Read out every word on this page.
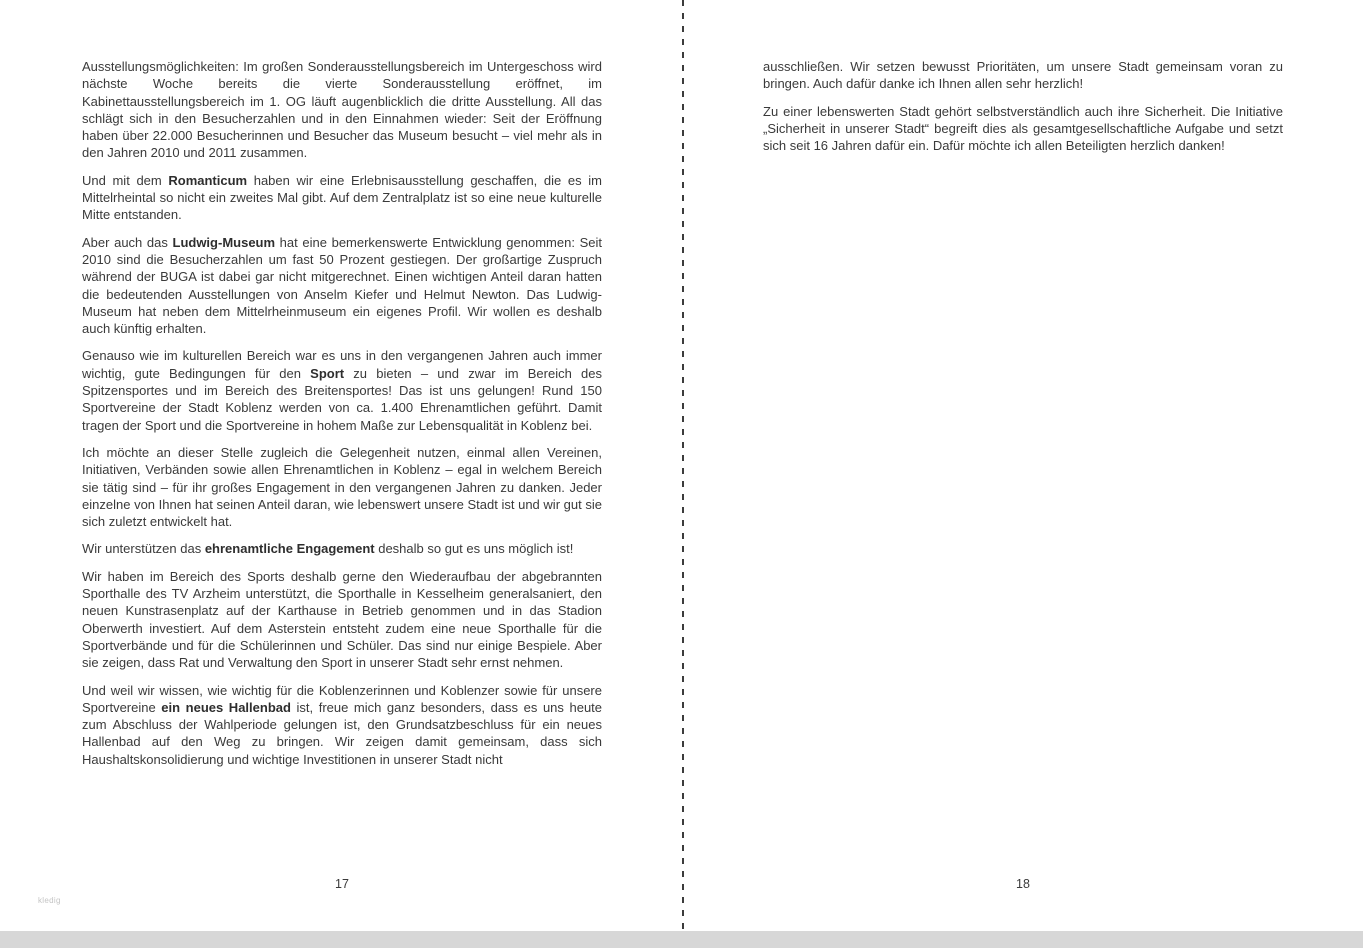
Ausstellungsmöglichkeiten: Im großen Sonderausstellungsbereich im Untergeschoss wird nächste Woche bereits die vierte Sonderausstellung eröffnet, im Kabinettausstellungsbereich im 1. OG läuft augenblicklich die dritte Ausstellung. All das schlägt sich in den Besucherzahlen und in den Einnahmen wieder: Seit der Eröffnung haben über 22.000 Besucherinnen und Besucher das Museum besucht – viel mehr als in den Jahren 2010 und 2011 zusammen.

Und mit dem Romanticum haben wir eine Erlebnisausstellung geschaffen, die es im Mittelrheintal so nicht ein zweites Mal gibt. Auf dem Zentralplatz ist so eine neue kulturelle Mitte entstanden.

Aber auch das Ludwig-Museum hat eine bemerkenswerte Entwicklung genommen: Seit 2010 sind die Besucherzahlen um fast 50 Prozent gestiegen. Der großartige Zuspruch während der BUGA ist dabei gar nicht mitgerechnet. Einen wichtigen Anteil daran hatten die bedeutenden Ausstellungen von Anselm Kiefer und Helmut Newton. Das Ludwig-Museum hat neben dem Mittelrheinmuseum ein eigenes Profil. Wir wollen es deshalb auch künftig erhalten.

Genauso wie im kulturellen Bereich war es uns in den vergangenen Jahren auch immer wichtig, gute Bedingungen für den Sport zu bieten – und zwar im Bereich des Spitzensportes und im Bereich des Breitensportes! Das ist uns gelungen! Rund 150 Sportvereine der Stadt Koblenz werden von ca. 1.400 Ehrenamtlichen geführt. Damit tragen der Sport und die Sportvereine in hohem Maße zur Lebensqualität in Koblenz bei.

Ich möchte an dieser Stelle zugleich die Gelegenheit nutzen, einmal allen Vereinen, Initiativen, Verbänden sowie allen Ehrenamtlichen in Koblenz – egal in welchem Bereich sie tätig sind – für ihr großes Engagement in den vergangenen Jahren zu danken. Jeder einzelne von Ihnen hat seinen Anteil daran, wie lebenswert unsere Stadt ist und wir gut sie sich zuletzt entwickelt hat.

Wir unterstützen das ehrenamtliche Engagement deshalb so gut es uns möglich ist!

Wir haben im Bereich des Sports deshalb gerne den Wiederaufbau der abgebrannten Sporthalle des TV Arzheim unterstützt, die Sporthalle in Kesselheim generalsaniert, den neuen Kunstrasenplatz auf der Karthause in Betrieb genommen und in das Stadion Oberwerth investiert. Auf dem Asterstein entsteht zudem eine neue Sporthalle für die Sportverbände und für die Schülerinnen und Schüler. Das sind nur einige Bespiele. Aber sie zeigen, dass Rat und Verwaltung den Sport in unserer Stadt sehr ernst nehmen.

Und weil wir wissen, wie wichtig für die Koblenzerinnen und Koblenzer sowie für unsere Sportvereine ein neues Hallenbad ist, freue mich ganz besonders, dass es uns heute zum Abschluss der Wahlperiode gelungen ist, den Grundsatzbeschluss für ein neues Hallenbad auf den Weg zu bringen. Wir zeigen damit gemeinsam, dass sich Haushaltskonsolidierung und wichtige Investitionen in unserer Stadt nicht

ausschließen. Wir setzen bewusst Prioritäten, um unsere Stadt gemeinsam voran zu bringen. Auch dafür danke ich Ihnen allen sehr herzlich!

Zu einer lebenswerten Stadt gehört selbstverständlich auch ihre Sicherheit. Die Initiative „Sicherheit in unserer Stadt“ begreift dies als gesamtgesellschaftliche Aufgabe und setzt sich seit 16 Jahren dafür ein. Dafür möchte ich allen Beteiligten herzlich danken!

17	18
kledig
